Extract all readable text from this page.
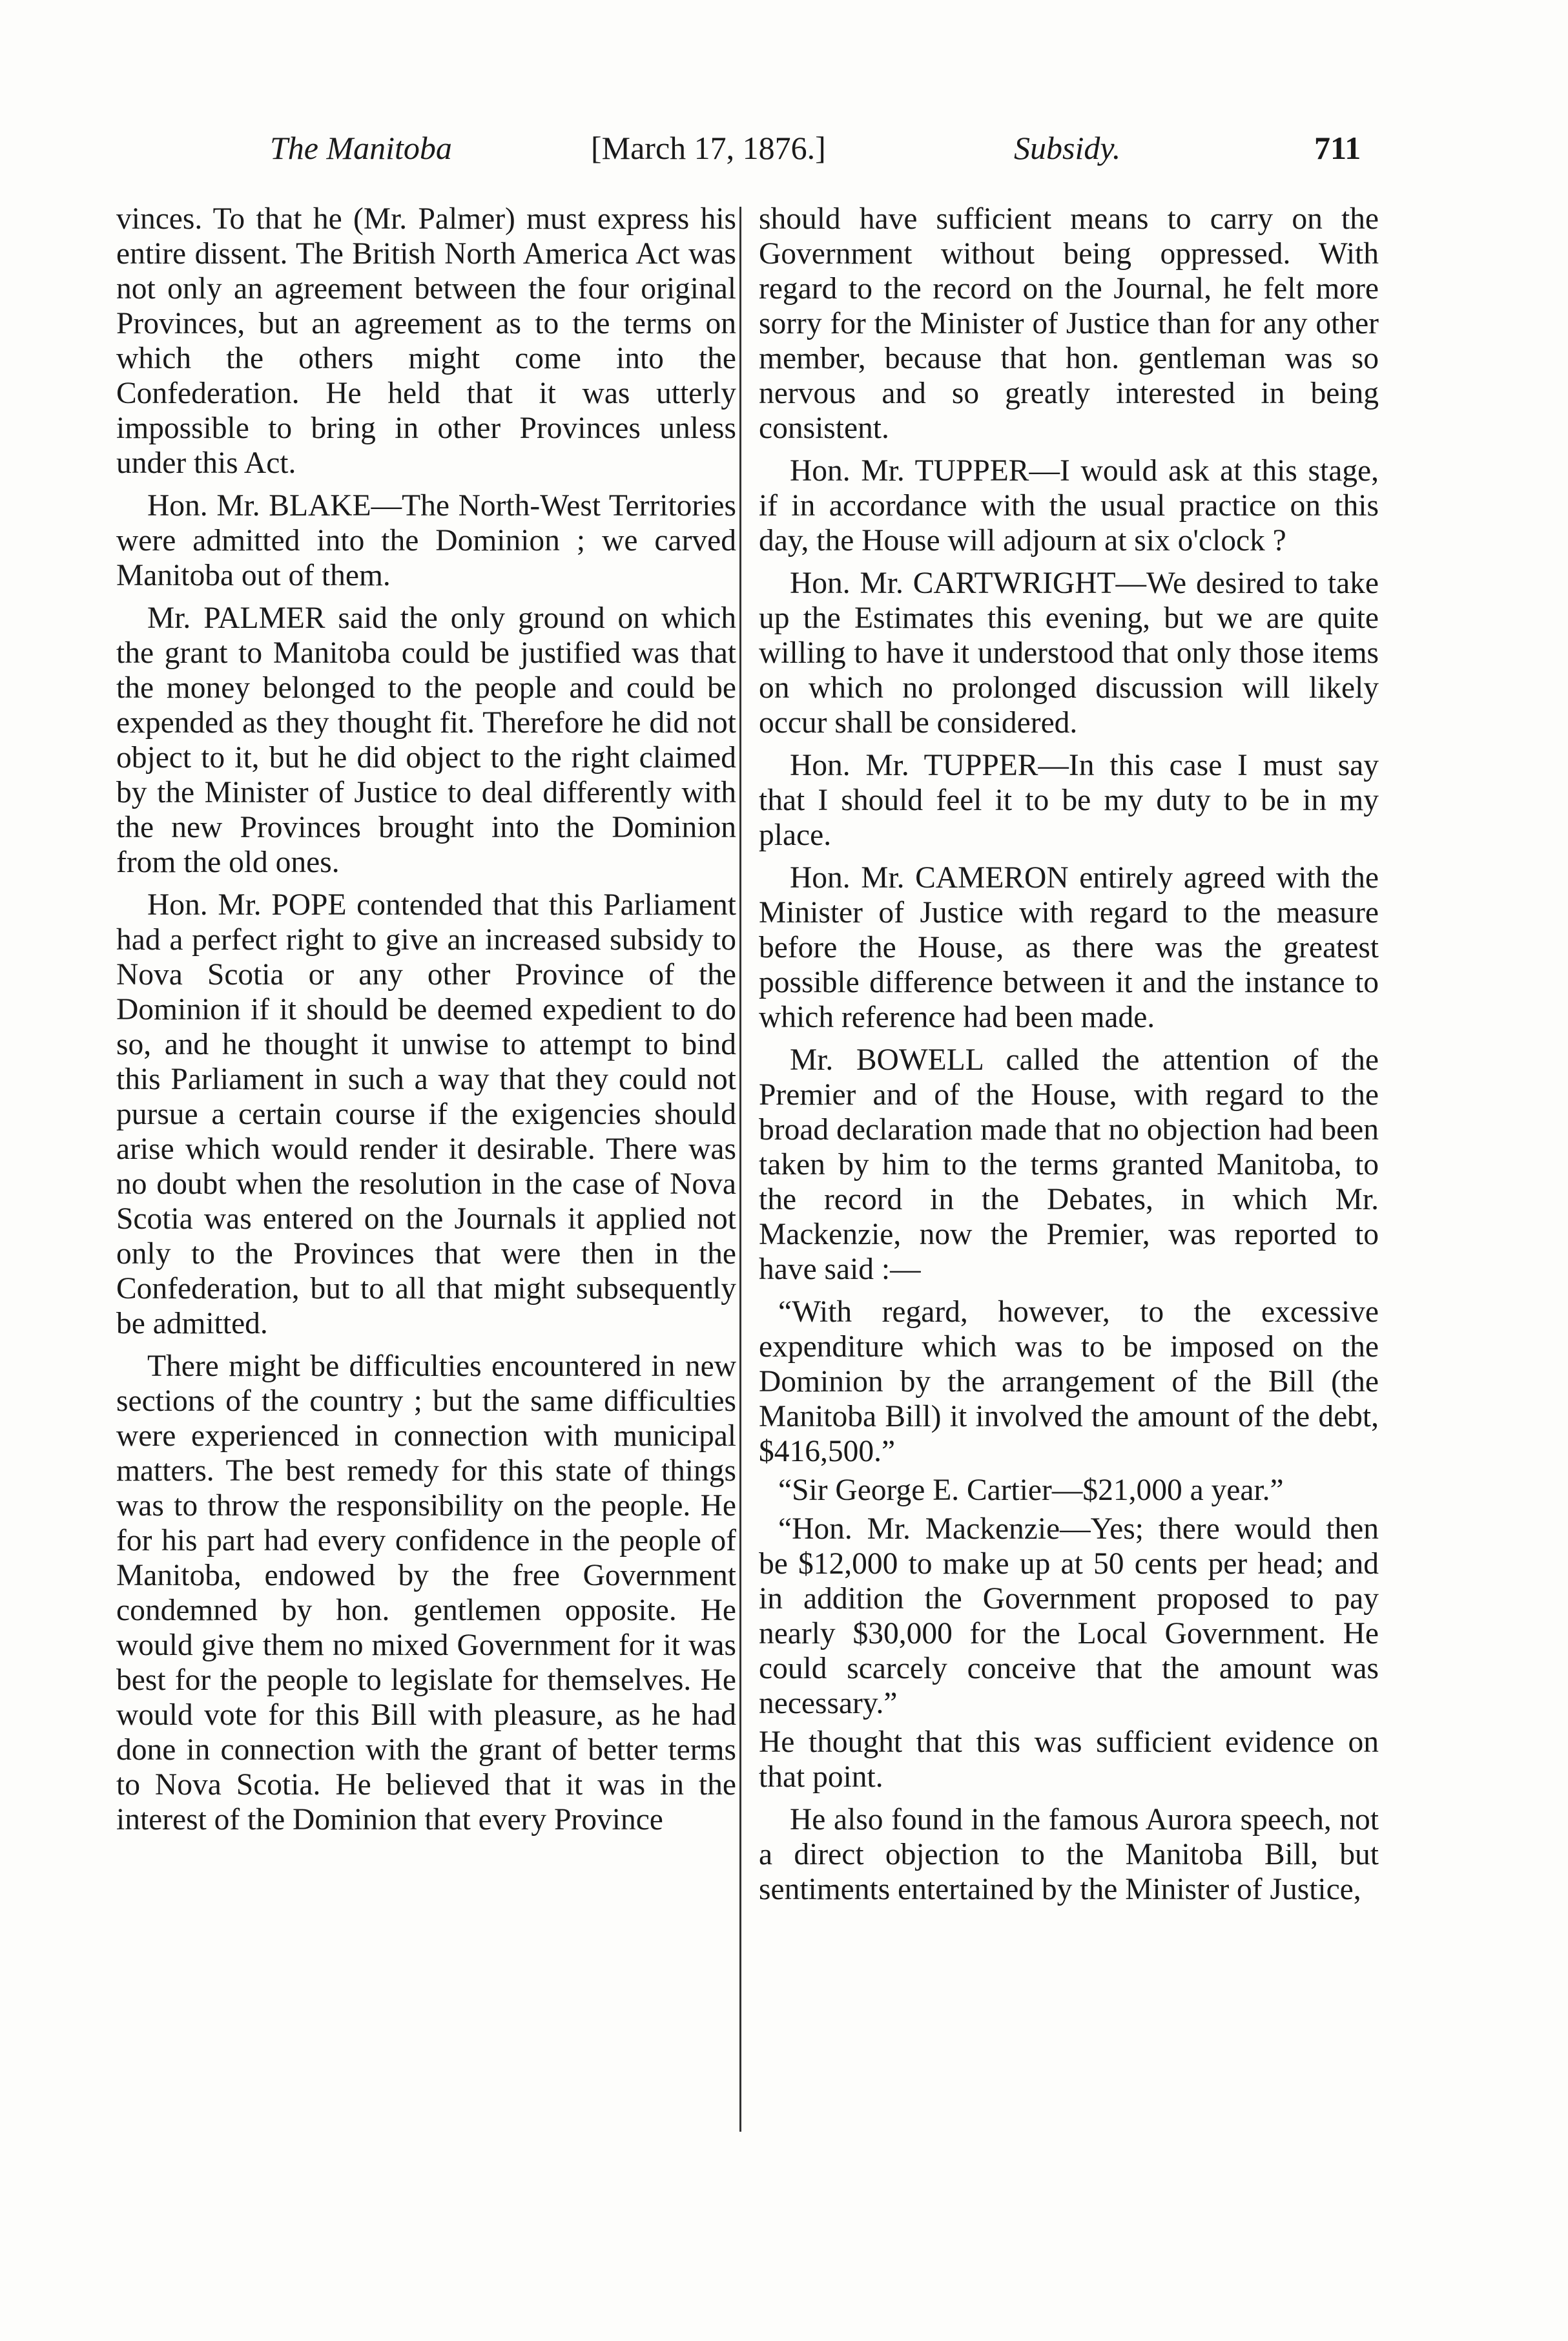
The Manitoba	[March 17, 1876.]	Subsidy.	711

vinces. To that he (Mr. Palmer) must express his entire dissent. The British North America Act was not only an agreement between the four original Provinces, but an agreement as to the terms on which the others might come into the Confederation. He held that it was utterly impossible to bring in other Provinces unless under this Act.

Hon. Mr. BLAKE—The North-West Territories were admitted into the Dominion ; we carved Manitoba out of them.

Mr. PALMER said the only ground on which the grant to Manitoba could be justified was that the money belonged to the people and could be expended as they thought fit. Therefore he did not object to it, but he did object to the right claimed by the Minister of Justice to deal differently with the new Provinces brought into the Dominion from the old ones.

Hon. Mr. POPE contended that this Parliament had a perfect right to give an increased subsidy to Nova Scotia or any other Province of the Dominion if it should be deemed expedient to do so, and he thought it unwise to attempt to bind this Parliament in such a way that they could not pursue a certain course if the exigencies should arise which would render it desirable. There was no doubt when the resolution in the case of Nova Scotia was entered on the Journals it applied not only to the Provinces that were then in the Confederation, but to all that might subsequently be admitted.

There might be difficulties encountered in new sections of the country ; but the same difficulties were experienced in connection with municipal matters. The best remedy for this state of things was to throw the responsibility on the people. He for his part had every confidence in the people of Manitoba, endowed by the free Government condemned by hon. gentlemen opposite. He would give them no mixed Government for it was best for the people to legislate for themselves. He would vote for this Bill with pleasure, as he had done in connection with the grant of better terms to Nova Scotia. He believed that it was in the interest of the Dominion that every Province

should have sufficient means to carry on the Government without being oppressed. With regard to the record on the Journal, he felt more sorry for the Minister of Justice than for any other member, because that hon. gentleman was so nervous and so greatly interested in being consistent.

Hon. Mr. TUPPER—I would ask at this stage, if in accordance with the usual practice on this day, the House will adjourn at six o'clock ?

Hon. Mr. CARTWRIGHT—We desired to take up the Estimates this evening, but we are quite willing to have it understood that only those items on which no prolonged discussion will likely occur shall be considered.

Hon. Mr. TUPPER—In this case I must say that I should feel it to be my duty to be in my place.

Hon. Mr. CAMERON entirely agreed with the Minister of Justice with regard to the measure before the House, as there was the greatest possible difference between it and the instance to which reference had been made.

Mr. BOWELL called the attention of the Premier and of the House, with regard to the broad declaration made that no objection had been taken by him to the terms granted Manitoba, to the record in the Debates, in which Mr. Mackenzie, now the Premier, was reported to have said :—

“With regard, however, to the excessive expenditure which was to be imposed on the Dominion by the arrangement of the Bill (the Manitoba Bill) it involved the amount of the debt, $416,500.”

“Sir George E. Cartier—$21,000 a year.”

“Hon. Mr. Mackenzie—Yes; there would then be $12,000 to make up at 50 cents per head; and in addition the Government proposed to pay nearly $30,000 for the Local Government. He could scarcely conceive that the amount was necessary.”

He thought that this was sufficient evidence on that point.

He also found in the famous Aurora speech, not a direct objection to the Manitoba Bill, but sentiments entertained by the Minister of Justice,
